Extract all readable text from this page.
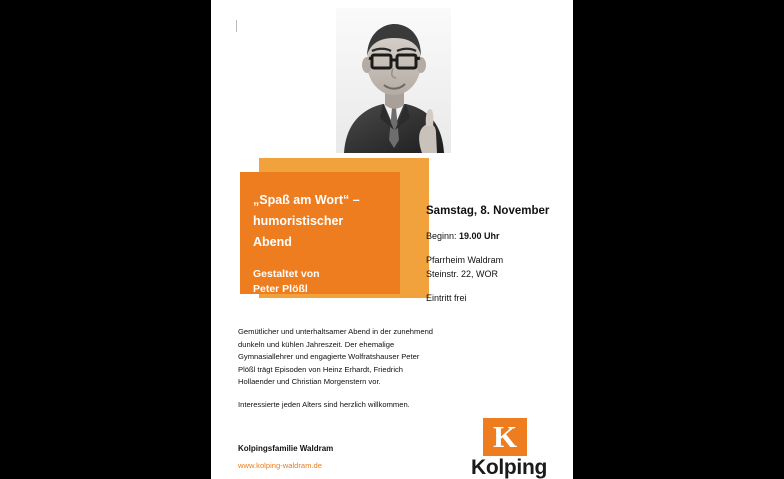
„Spaß am Wort“ –
humoristischer
Abend
Gestaltet von
Peter Plößl
Samstag, 8. November
Beginn: 19.00 Uhr
Pfarrheim Waldram
Steinstr. 22, WOR
Eintritt frei

Gemütlicher und unterhaltsamer Abend in der zunehmend dunkeln und kühlen Jahreszeit. Der ehemalige Gymnasiallehrer und engagierte Wolfratshauser Peter Plößl trägt Episoden von Heinz Erhardt, Friedrich Hollaender und Christian Morgenstern vor.

Interessierte jeden Alters sind herzlich willkommen.

Kolpingsfamilie Waldram
www.kolping-waldram.de
K
Kolping
